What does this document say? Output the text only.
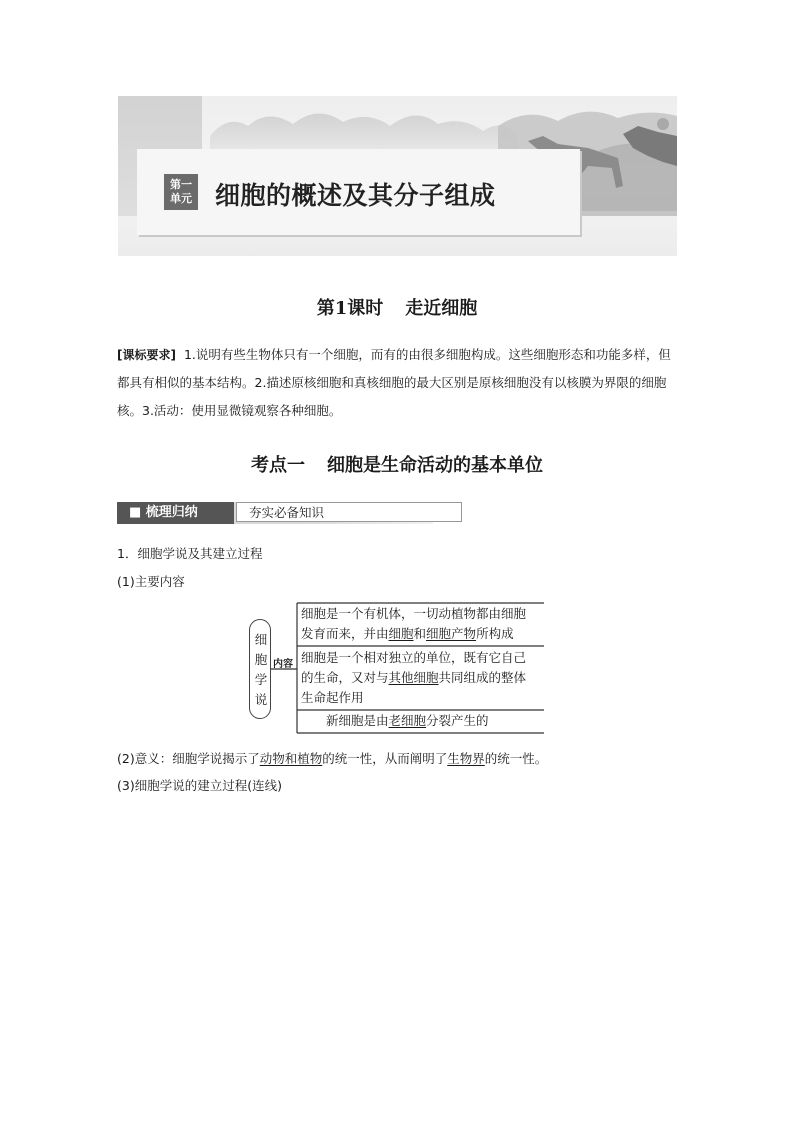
第一
单元 细胞的概述及其分子组成
第1课时 走近细胞
[课标要求] 1.说明有些生物体只有一个细胞，而有的由很多细胞构成。这些细胞形态和功能多样，但都具有相似的基本结构。2.描述原核细胞和真核细胞的最大区别是原核细胞没有以核膜为界限的细胞核。3.活动：使用显微镜观察各种细胞。
考点一 细胞是生命活动的基本单位
■ 梳理归纳	夯实必备知识
1．细胞学说及其建立过程
(1)主要内容
细
胞
学
说
内容
细胞是一个有机体，一切动植物都由细胞
发育而来，并由细胞和细胞产物所构成
细胞是一个相对独立的单位，既有它自己
的生命，又对与其他细胞共同组成的整体
生命起作用
新细胞是由老细胞分裂产生的
(2)意义：细胞学说揭示了动物和植物的统一性，从而阐明了生物界的统一性。
(3)细胞学说的建立过程(连线)
